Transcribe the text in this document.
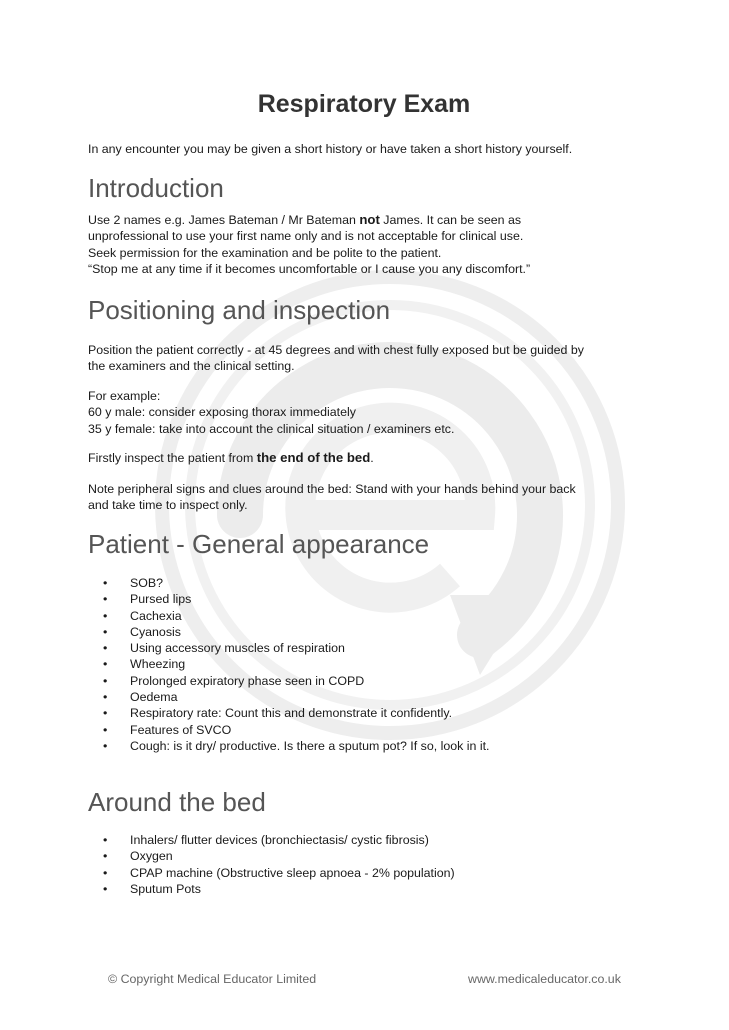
Respiratory Exam

In any encounter you may be given a short history or have taken a short history yourself.

Introduction
Use 2 names e.g. James Bateman / Mr Bateman not James. It can be seen as
unprofessional to use your first name only and is not acceptable for clinical use.
Seek permission for the examination and be polite to the patient.
“Stop me at any time if it becomes uncomfortable or I cause you any discomfort.”
Positioning and inspection
Position the patient correctly - at 45 degrees and with chest fully exposed but be guided by
the examiners and the clinical setting.
For example:
60 y male: consider exposing thorax immediately
35 y female: take into account the clinical situation / examiners etc.
Firstly inspect the patient from the end of the bed.
Note peripheral signs and clues around the bed: Stand with your hands behind your back
and take time to inspect only.
Patient - General appearance
• SOB?
• Pursed lips
• Cachexia
• Cyanosis
• Using accessory muscles of respiration
• Wheezing
• Prolonged expiratory phase seen in COPD
• Oedema
• Respiratory rate: Count this and demonstrate it confidently.
• Features of SVCO
• Cough: is it dry/ productive. Is there a sputum pot? If so, look in it.
Around the bed
• Inhalers/ flutter devices (bronchiectasis/ cystic fibrosis)
• Oxygen
• CPAP machine (Obstructive sleep apnoea - 2% population)
• Sputum Pots
© Copyright Medical Educator Limited	www.medicaleducator.co.uk
